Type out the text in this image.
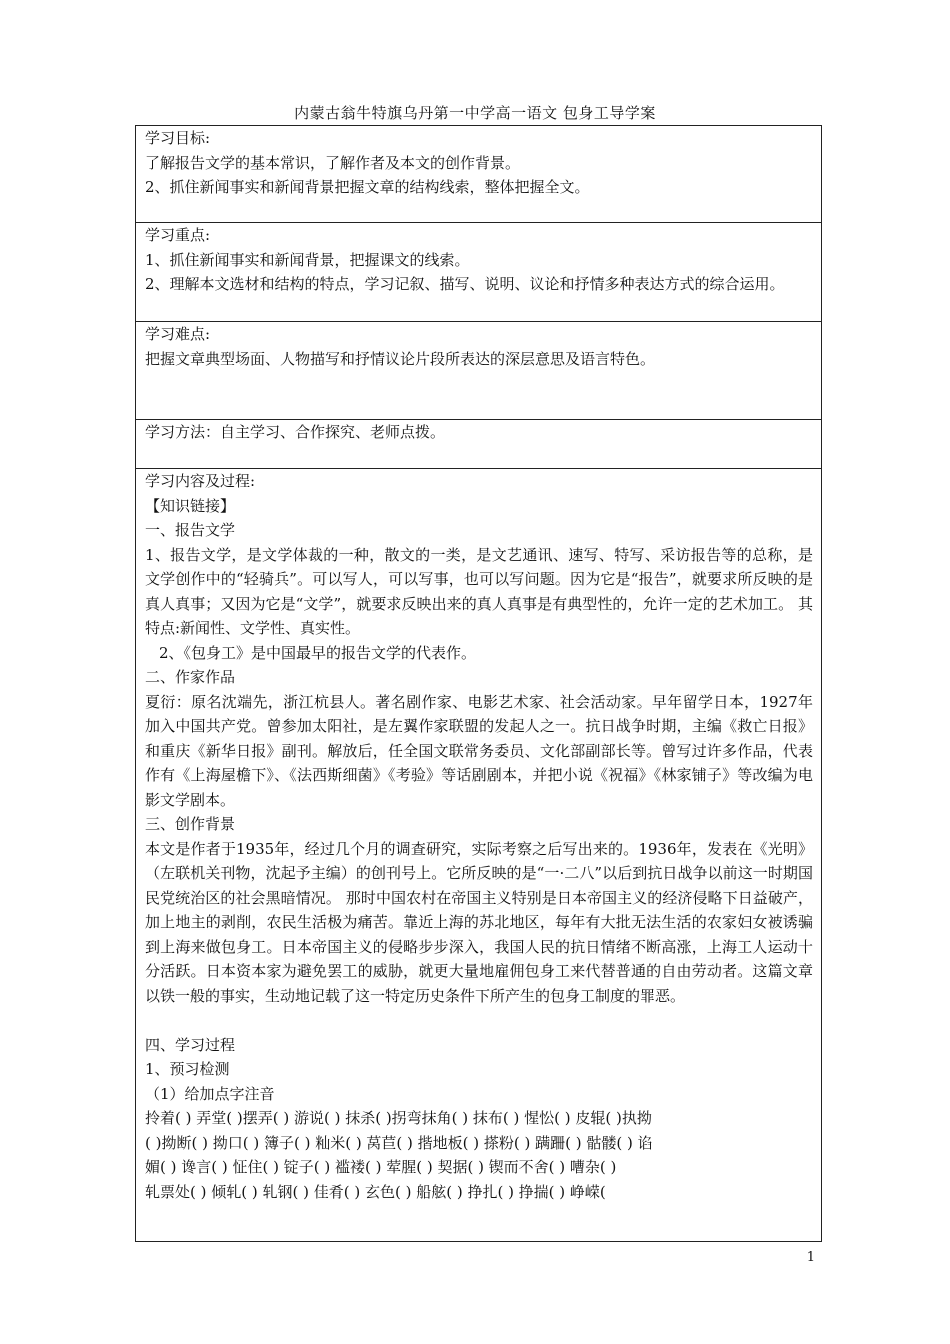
内蒙古翁牛特旗乌丹第一中学高一语文 包身工导学案
学习目标:
了解报告文学的基本常识，了解作者及本文的创作背景。
2、抓住新闻事实和新闻背景把握文章的结构线索，整体把握全文。
学习重点:
1、抓住新闻事实和新闻背景，把握课文的线索。
2、理解本文选材和结构的特点，学习记叙、描写、说明、议论和抒情多种表达方式的综合运用。
学习难点:
把握文章典型场面、人物描写和抒情议论片段所表达的深层意思及语言特色。
学习方法：自主学习、合作探究、老师点拨。
学习内容及过程:
【知识链接】
一、报告文学
1、报告文学，是文学体裁的一种，散文的一类，是文艺通讯、速写、特写、采访报告等的总称，是文学创作中的“轻骑兵”。可以写人，可以写事，也可以写问题。因为它是“报告”，就要求所反映的是真人真事；又因为它是“文学”，就要求反映出来的真人真事是有典型性的，允许一定的艺术加工。 其特点:新闻性、文学性、真实性。
2、《包身工》是中国最早的报告文学的代表作。
二、作家作品
夏衍：原名沈端先，浙江杭县人。著名剧作家、电影艺术家、社会活动家。早年留学日本，1927年加入中国共产党。曾参加太阳社，是左翼作家联盟的发起人之一。抗日战争时期，主编《救亡日报》和重庆《新华日报》副刊。解放后，任全国文联常务委员、文化部副部长等。曾写过许多作品，代表作有《上海屋檐下》、《法西斯细菌》《考验》等话剧剧本，并把小说《祝福》《林家铺子》等改编为电影文学剧本。
三、创作背景
本文是作者于1935年，经过几个月的调查研究，实际考察之后写出来的。1936年，发表在《光明》（左联机关刊物，沈起予主编）的创刊号上。它所反映的是“一·二八”以后到抗日战争以前这一时期国民党统治区的社会黑暗情况。 那时中国农村在帝国主义特别是日本帝国主义的经济侵略下日益破产，加上地主的剥削，农民生活极为痛苦。靠近上海的苏北地区，每年有大批无法生活的农家妇女被诱骗到上海来做包身工。日本帝国主义的侵略步步深入，我国人民的抗日情绪不断高涨，上海工人运动十分活跃。日本资本家为避免罢工的威胁，就更大量地雇佣包身工来代替普通的自由劳动者。这篇文章以铁一般的事实，生动地记载了这一特定历史条件下所产生的包身工制度的罪恶。
四、学习过程
1、预习检测
（1）给加点字注音
拎着( ) 弄堂( )摆弄( ) 游说( ) 抹杀( )拐弯抹角( ) 抹布( ) 惺忪( ) 皮辊( )执拗
( )拗断( ) 拗口( ) 簿子( ) 籼米( ) 莴苣( ) 揩地板( ) 搽粉( ) 蹒跚( ) 骷髅( ) 谄
媚( ) 谗言( ) 怔住( ) 锭子( ) 褴褛( ) 荤腥( ) 契据( ) 锲而不舍( ) 嘈杂( )
轧票处( ) 倾轧( ) 轧钢( ) 佳肴( ) 玄色( ) 船舷( ) 挣扎( ) 挣揣( ) 峥嵘(
1
